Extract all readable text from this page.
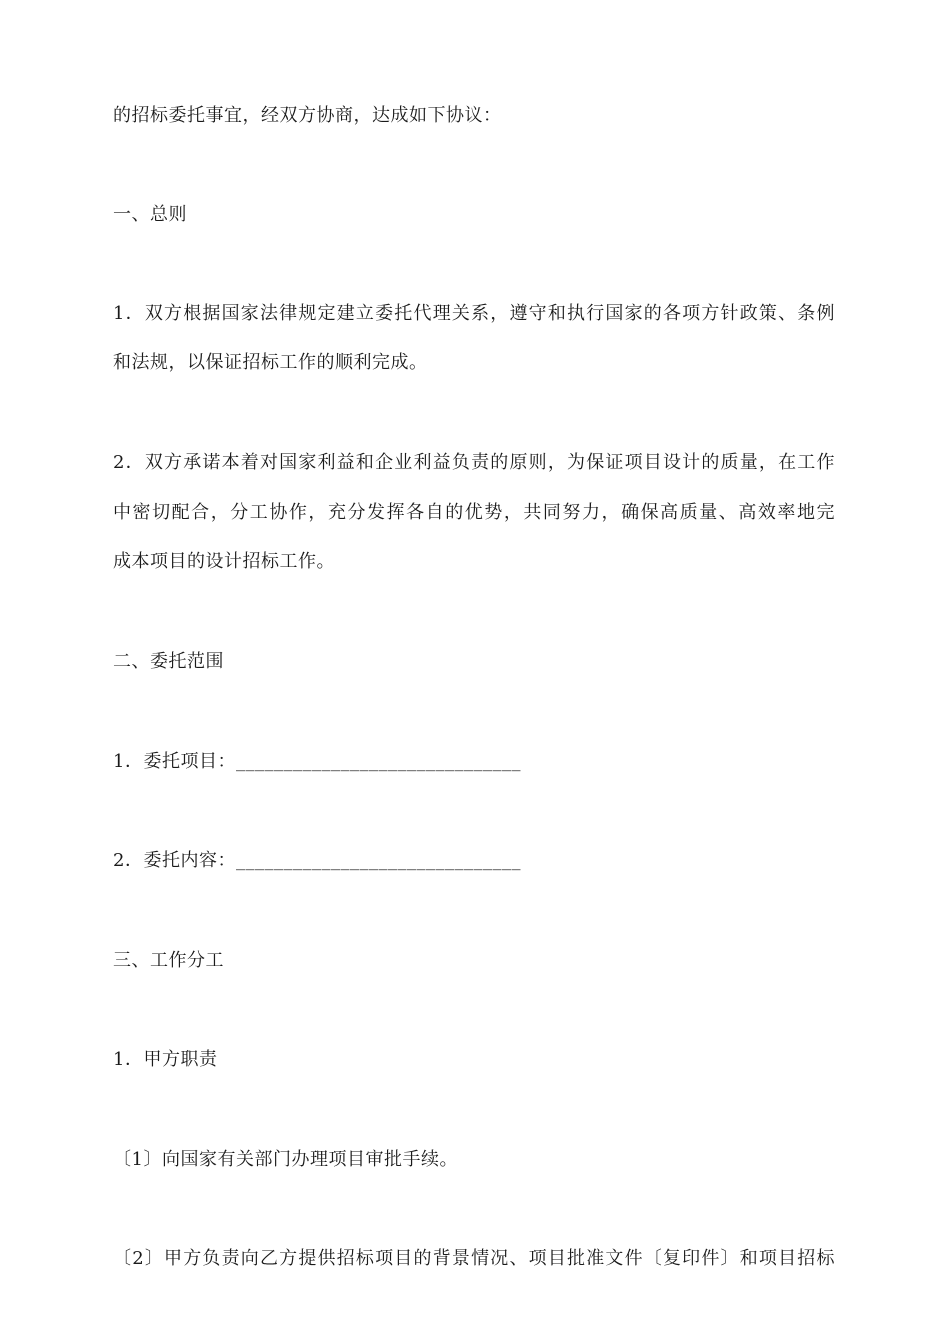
的招标委托事宜，经双方协商，达成如下协议：
一、总则
1．双方根据国家法律规定建立委托代理关系，遵守和执行国家的各项方针政策、条例
和法规，以保证招标工作的顺利完成。
2．双方承诺本着对国家利益和企业利益负责的原则，为保证项目设计的质量，在工作
中密切配合，分工协作，充分发挥各自的优势，共同努力，确保高质量、高效率地完
成本项目的设计招标工作。
二、委托范围
1．委托项目：______________________________
2．委托内容：______________________________
三、工作分工
1．甲方职责
〔1〕向国家有关部门办理项目审批手续。
〔2〕甲方负责向乙方提供招标项目的背景情况、项目批准文件〔复印件〕和项目招标
